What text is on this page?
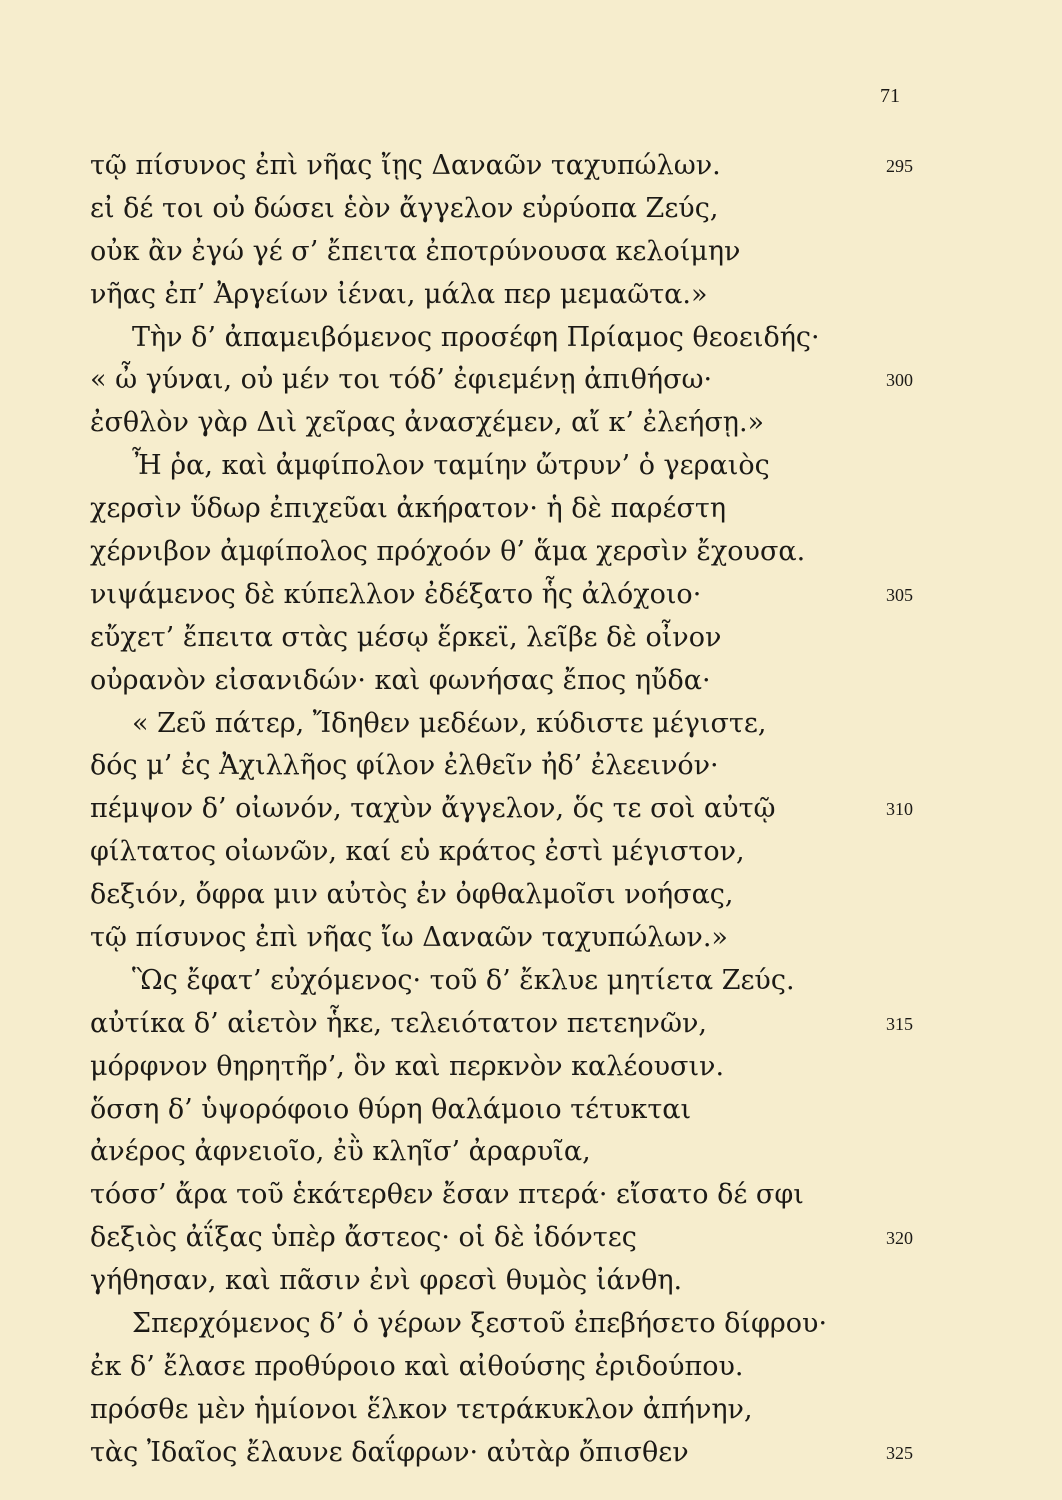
71
τῷ πίσυνος ἐπὶ νῆας ἴῃς Δαναῶν ταχυπώλων.	295
εἰ δέ τοι οὐ δώσει ἑὸν ἄγγελον εὐρύοπα Ζεύς,
οὐκ ἂν ἐγώ γέ σ’ ἔπειτα ἐποτρύνουσα κελοίμην
νῆας ἐπ’ Ἀργείων ἰέναι, μάλα περ μεμαῶτα.»
Τὴν δ’ ἀπαμειβόμενος προσέφη Πρίαμος θεοειδής·
« ὦ γύναι, οὐ μέν τοι τόδ’ ἐφιεμένῃ ἀπιθήσω·	300
ἐσθλὸν γὰρ Διὶ χεῖρας ἀνασχέμεν, αἴ κ’ ἐλεήσῃ.»
Ἦ ῥα, καὶ ἀμφίπολον ταμίην ὤτρυν’ ὁ γεραιὸς
χερσὶν ὕδωρ ἐπιχεῦαι ἀκήρατον· ἡ δὲ παρέστη
χέρνιβον ἀμφίπολος πρόχοόν θ’ ἅμα χερσὶν ἔχουσα.
νιψάμενος δὲ κύπελλον ἐδέξατο ἧς ἀλόχοιο·	305
εὔχετ’ ἔπειτα στὰς μέσῳ ἕρκεϊ, λεῖβε δὲ οἶνον
οὐρανὸν εἰσανιδών· καὶ φωνήσας ἔπος ηὔδα·
« Ζεῦ πάτερ, Ἴδηθεν μεδέων, κύδιστε μέγιστε,
δός μ’ ἐς Ἀχιλλῆος φίλον ἐλθεῖν ἠδ’ ἐλεεινόν·
πέμψον δ’ οἰωνόν, ταχὺν ἄγγελον, ὅς τε σοὶ αὐτῷ	310
φίλτατος οἰωνῶν, καί εὑ κράτος ἐστὶ μέγιστον,
δεξιόν, ὄφρα μιν αὐτὸς ἐν ὀφθαλμοῖσι νοήσας,
τῷ πίσυνος ἐπὶ νῆας ἴω Δαναῶν ταχυπώλων.»
Ὣς ἔφατ’ εὐχόμενος· τοῦ δ’ ἔκλυε μητίετα Ζεύς.
αὐτίκα δ’ αἰετὸν ἧκε, τελειότατον πετεηνῶν,	315
μόρφνον θηρητῆρ’, ὃν καὶ περκνὸν καλέουσιν.
ὅσση δ’ ὑψορόφοιο θύρη θαλάμοιο τέτυκται
ἀνέρος ἀφνειοῖο, ἐῢ κληῖσ’ ἀραρυῖα,
τόσσ’ ἄρα τοῦ ἑκάτερθεν ἔσαν πτερά· εἴσατο δέ σφι
δεξιὸς ἀΐξας ὑπὲρ ἄστεος· οἱ δὲ ἰδόντες	320
γήθησαν, καὶ πᾶσιν ἐνὶ φρεσὶ θυμὸς ἰάνθη.
Σπερχόμενος δ’ ὁ γέρων ξεστοῦ ἐπεβήσετο δίφρου·
ἐκ δ’ ἔλασε προθύροιο καὶ αἰθούσης ἐριδούπου.
πρόσθε μὲν ἡμίονοι ἕλκον τετράκυκλον ἀπήνην,
τὰς Ἰδαῖος ἔλαυνε δαΐφρων· αὐτὰρ ὄπισθεν	325
